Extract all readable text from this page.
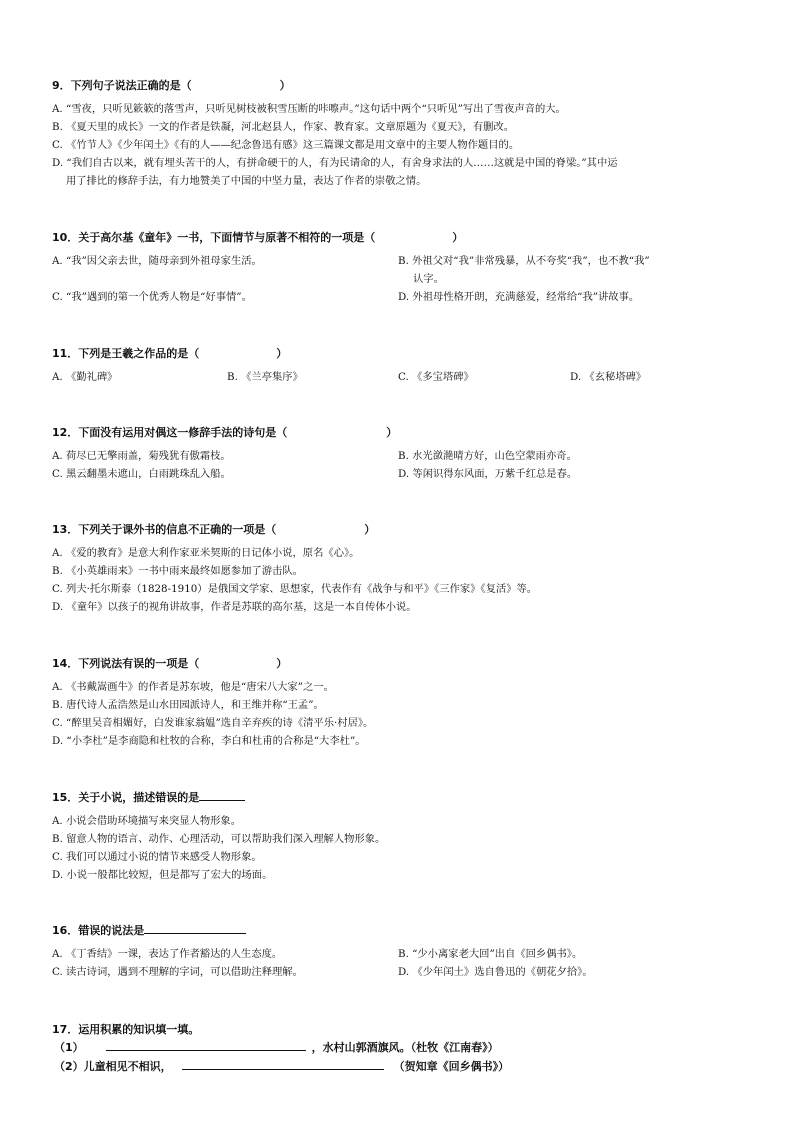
9．下列句子说法正确的是（　　　　　　　　）
A. “雪夜，只听见簌簌的落雪声，只听见树枝被积雪压断的咔嚓声。”这句话中两个“只听见”写出了雪夜声音的大。
B. 《夏天里的成长》一文的作者是铁凝，河北赵县人，作家、教育家。文章原题为《夏天》，有删改。
C. 《竹节人》《少年闰土》《有的人——纪念鲁迅有感》这三篇课文都是用文章中的主要人物作题目的。
D. “我们自古以来，就有埋头苦干的人，有拼命硬干的人，有为民请命的人，有舍身求法的人……这就是中国的脊梁。”其中运
用了排比的修辞手法，有力地赞美了中国的中坚力量，表达了作者的崇敬之情。
10．关于高尔基《童年》一书，下面情节与原著不相符的一项是（　　　　　　　）
A. “我”因父亲去世，随母亲到外祖母家生活。	B. 外祖父对“我”非常残暴，从不夸奖“我”，也不教“我”
认字。
C. “我”遇到的第一个优秀人物是“好事情”。	D. 外祖母性格开朗，充满慈爱，经常给“我”讲故事。
11．下列是王羲之作品的是（　　　　　　　）
A. 《勤礼碑》	B. 《兰亭集序》	C. 《多宝塔碑》	D. 《玄秘塔碑》
12．下面没有运用对偶这一修辞手法的诗句是（　　　　　　　　　）
A. 荷尽已无擎雨盖，菊残犹有傲霜枝。	B. 水光潋滟晴方好，山色空蒙雨亦奇。
C. 黑云翻墨未遮山，白雨跳珠乱入船。	D. 等闲识得东风面，万紫千红总是春。
13．下列关于课外书的信息不正确的一项是（　　　　　　　　）
A. 《爱的教育》是意大利作家亚米契斯的日记体小说，原名《心》。
B. 《小英雄雨来》一书中雨来最终如愿参加了游击队。
C. 列夫·托尔斯泰（1828-1910）是俄国文学家、思想家，代表作有《战争与和平》《三作家》《复活》等。
D. 《童年》以孩子的视角讲故事，作者是苏联的高尔基，这是一本自传体小说。
14．下列说法有误的一项是（　　　　　　　）
A. 《书戴嵩画牛》的作者是苏东坡，他是“唐宋八大家”之一。
B. 唐代诗人孟浩然是山水田园派诗人，和王维并称“王孟”。
C. “醉里吴音相媚好，白发谁家翁媪”选自辛弃疾的诗《清平乐·村居》。
D. “小李杜”是李商隐和杜牧的合称，李白和杜甫的合称是“大李杜”。
15．关于小说，描述错误的是
A. 小说会借助环境描写来突显人物形象。
B. 留意人物的语言、动作、心理活动，可以帮助我们深入理解人物形象。
C. 我们可以通过小说的情节来感受人物形象。
D. 小说一般都比较短，但是都写了宏大的场面。
16．错误的说法是
A. 《丁香结》一课，表达了作者豁达的人生态度。	B. “少小离家老大回”出自《回乡偶书》。
C. 读古诗词，遇到不理解的字词，可以借助注释理解。	D. 《少年闰土》选自鲁迅的《朝花夕拾》。
17．运用积累的知识填一填。
（1）	，水村山郭酒旗风。（杜牧《江南春》）
（2）儿童相见不相识，	（贺知章《回乡偶书》）
